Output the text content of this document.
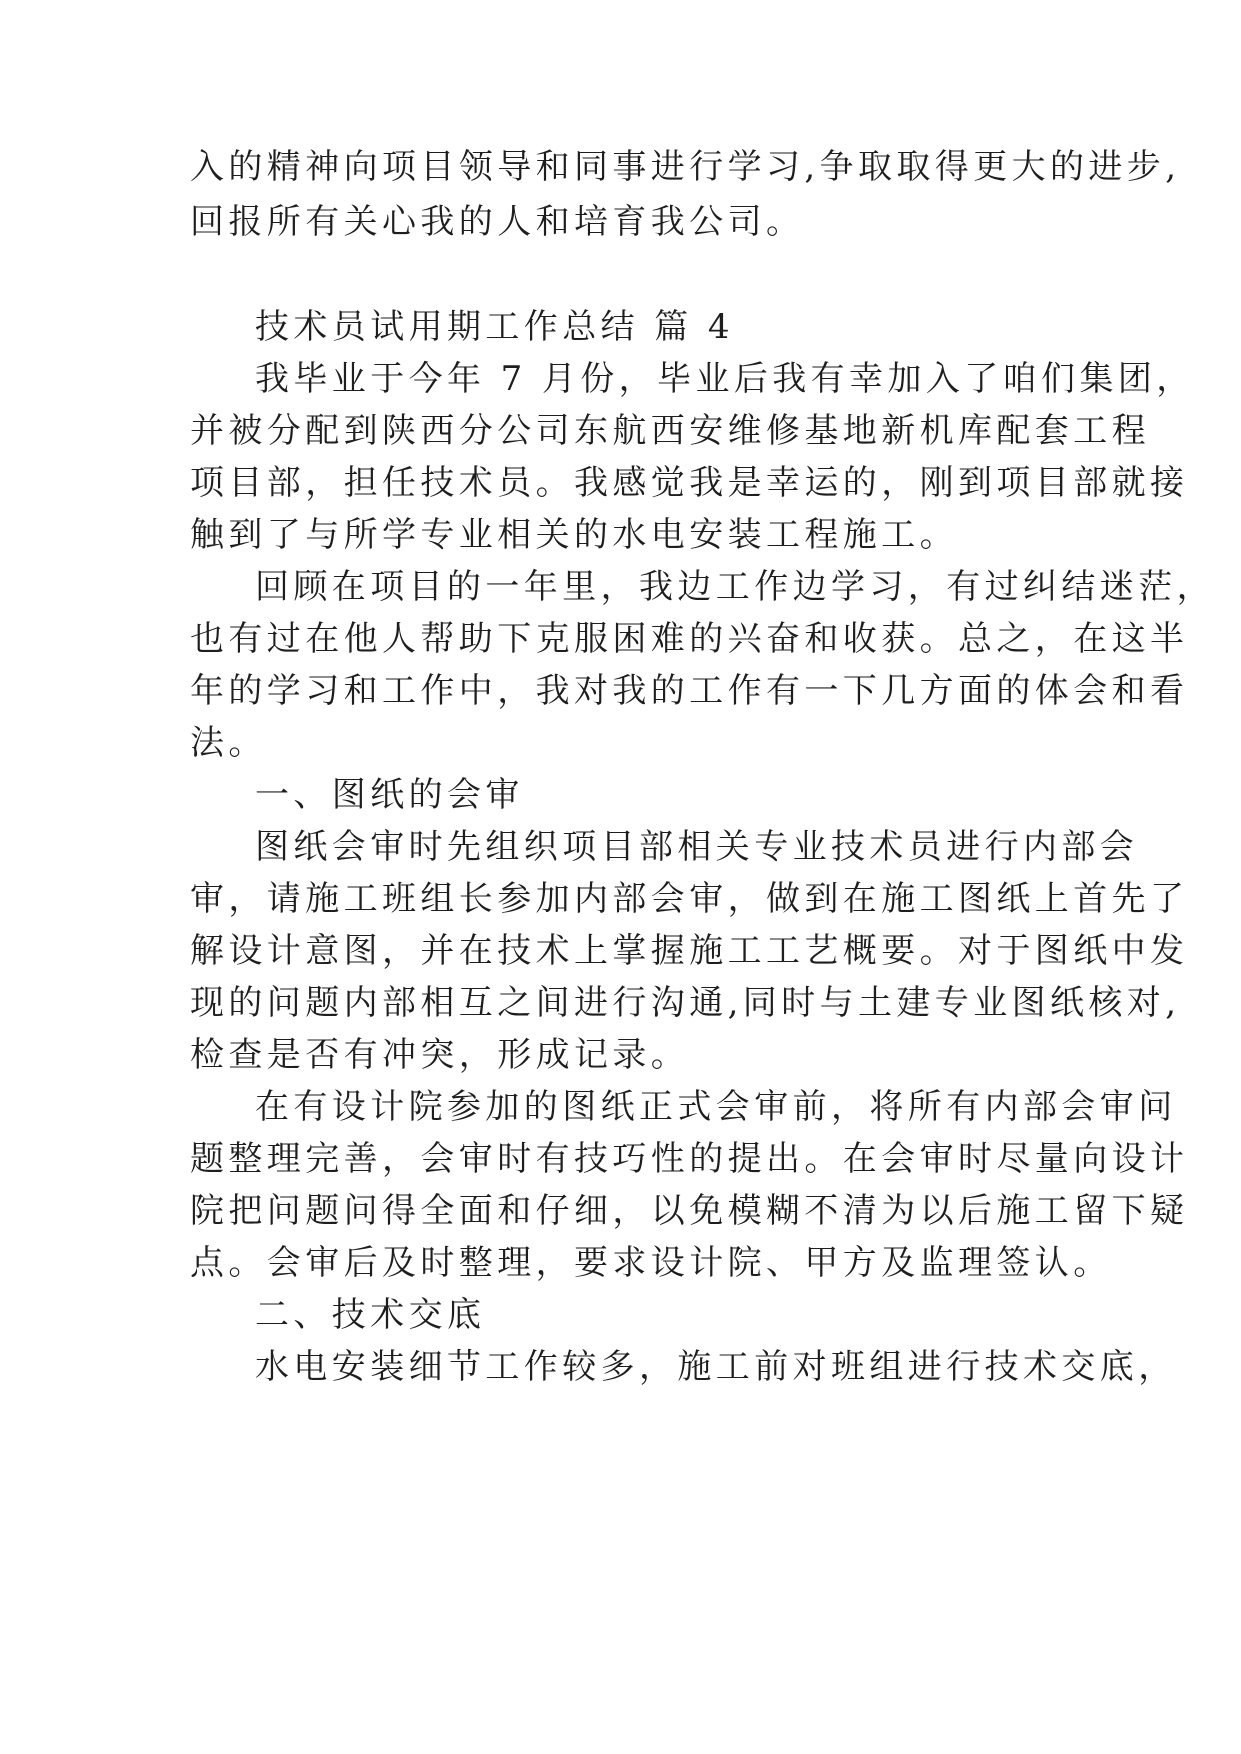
入的精神向项目领导和同事进行学习,争取取得更大的进步,

回报所有关心我的人和培育我公司。

技术员试用期工作总结 篇 4

我毕业于今年 7 月份，毕业后我有幸加入了咱们集团，

并被分配到陕西分公司东航西安维修基地新机库配套工程

项目部，担任技术员。我感觉我是幸运的，刚到项目部就接

触到了与所学专业相关的水电安装工程施工。

回顾在项目的一年里，我边工作边学习，有过纠结迷茫，

也有过在他人帮助下克服困难的兴奋和收获。总之，在这半

年的学习和工作中，我对我的工作有一下几方面的体会和看

法。

一、图纸的会审

图纸会审时先组织项目部相关专业技术员进行内部会

审，请施工班组长参加内部会审，做到在施工图纸上首先了

解设计意图，并在技术上掌握施工工艺概要。对于图纸中发

现的问题内部相互之间进行沟通,同时与土建专业图纸核对,

检查是否有冲突，形成记录。

在有设计院参加的图纸正式会审前，将所有内部会审问

题整理完善，会审时有技巧性的提出。在会审时尽量向设计

院把问题问得全面和仔细，以免模糊不清为以后施工留下疑

点。会审后及时整理，要求设计院、甲方及监理签认。

二、技术交底

水电安装细节工作较多，施工前对班组进行技术交底，
